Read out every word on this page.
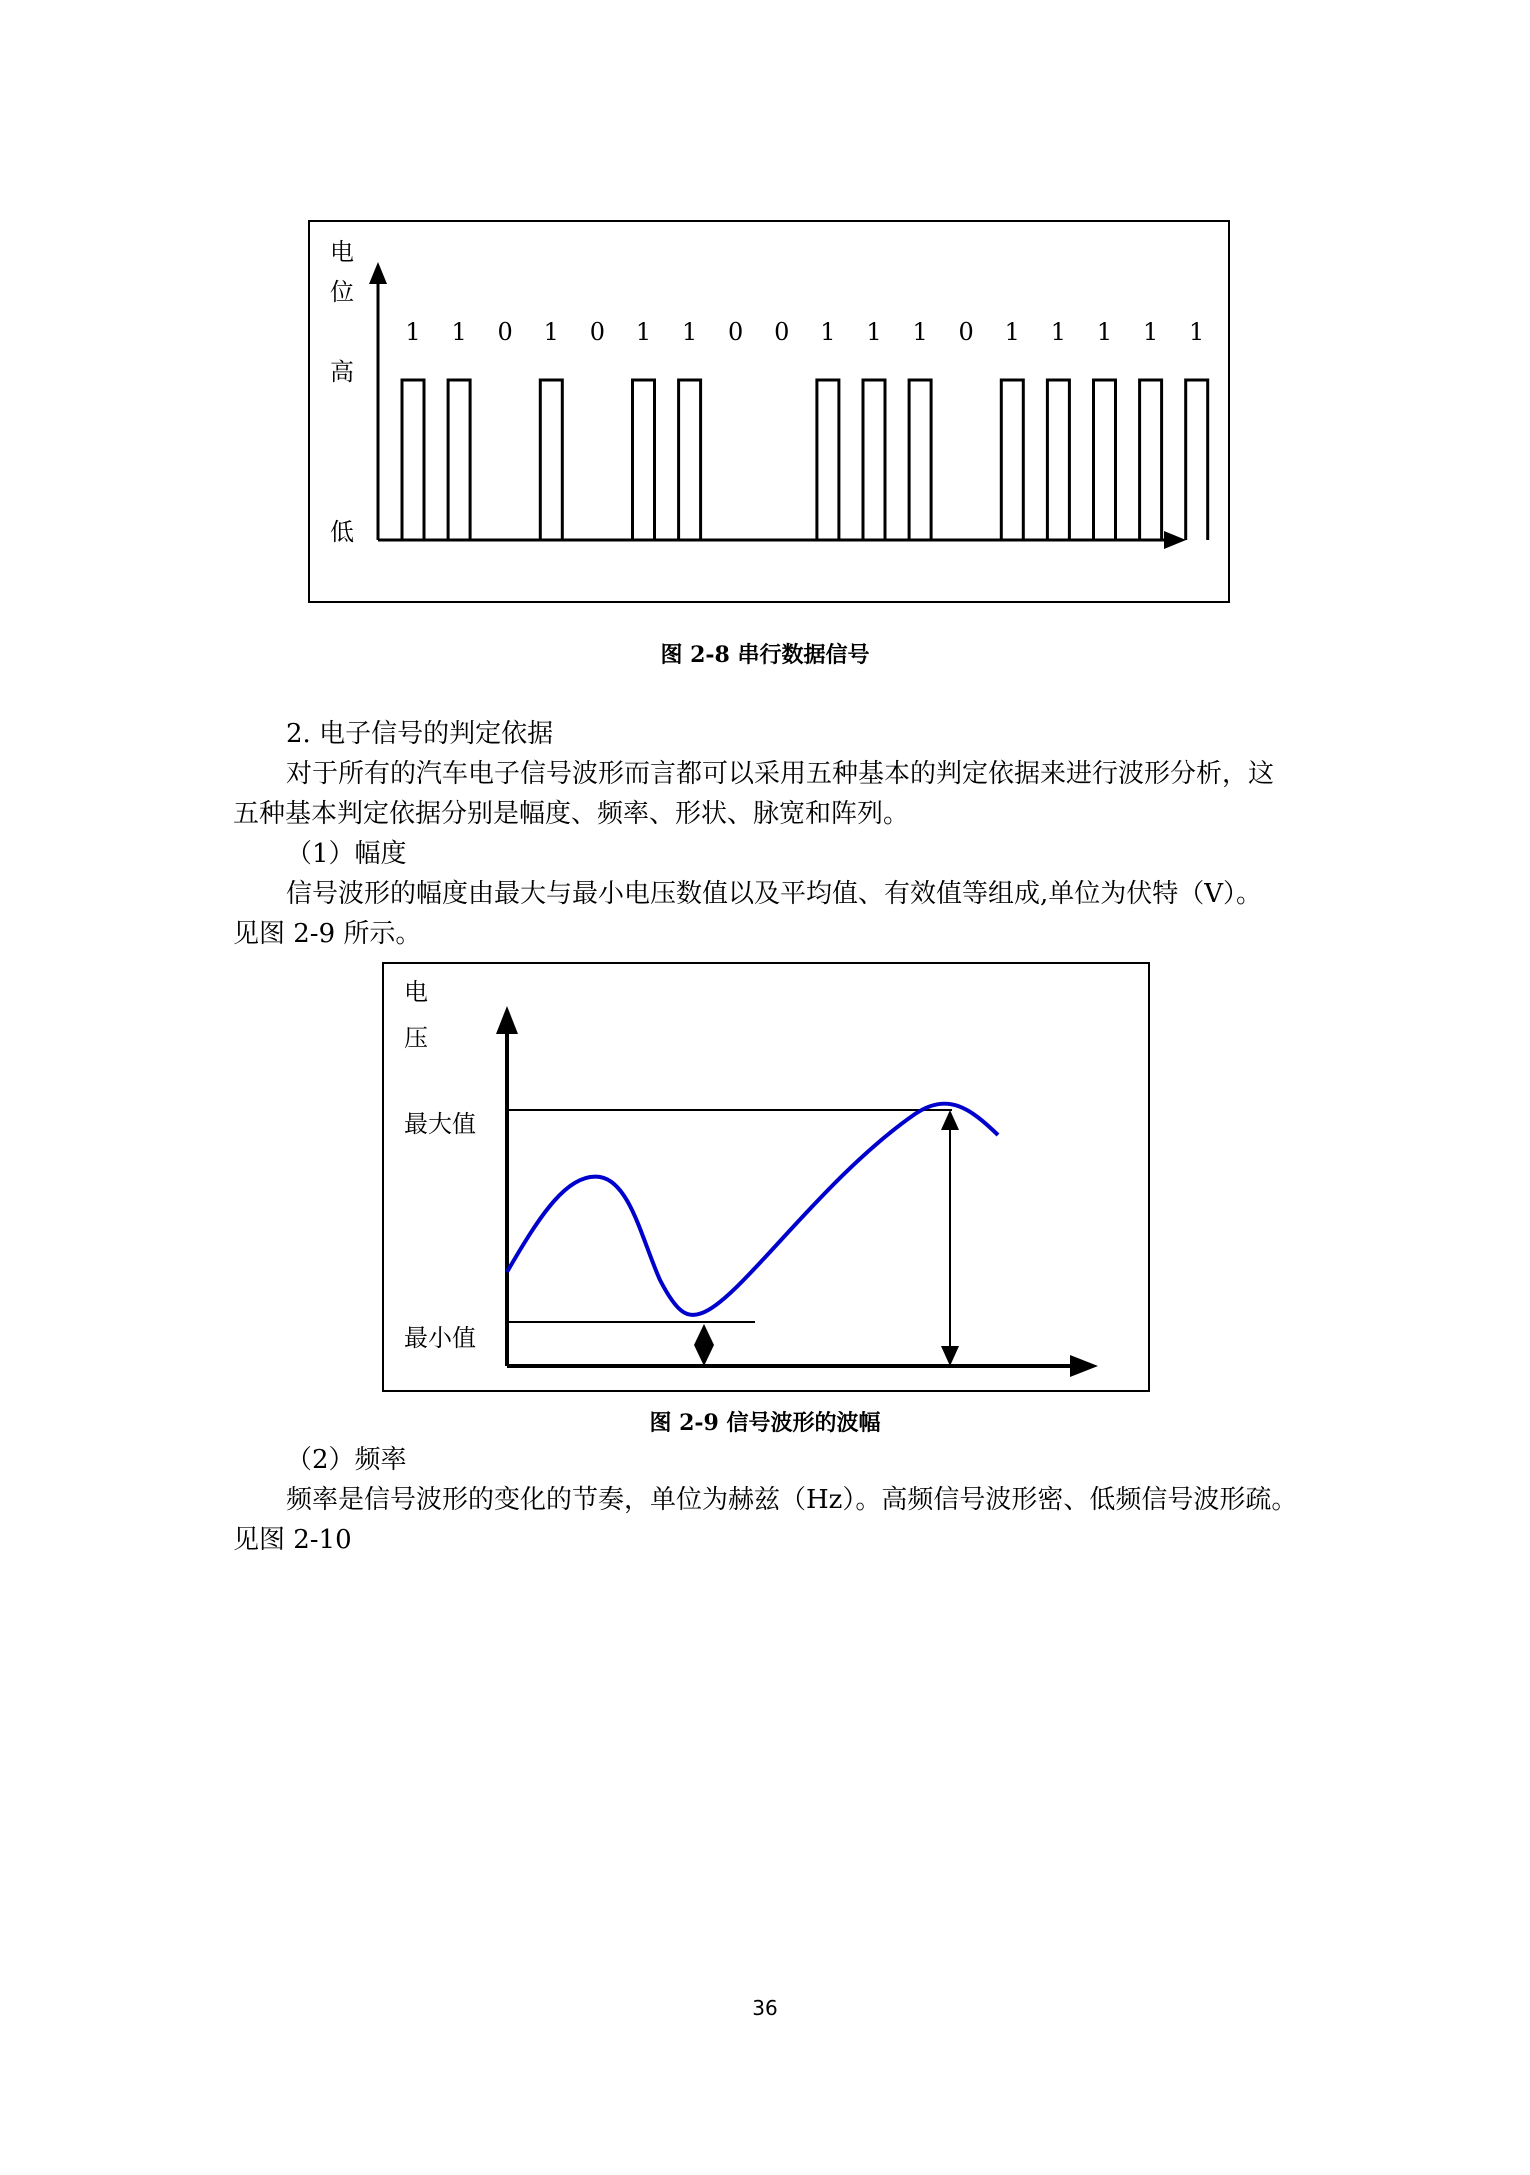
电
位
高
低
1 1 0 1 0 1 1 0 0 1 1 1 0 1 1 1 1 1
图 2-8 串行数据信号
2. 电子信号的判定依据
对于所有的汽车电子信号波形而言都可以采用五种基本的判定依据来进行波形分析，这
五种基本判定依据分别是幅度、频率、形状、脉宽和阵列。
（1）幅度
信号波形的幅度由最大与最小电压数值以及平均值、有效值等组成,单位为伏特（V）。
见图 2-9 所示。
电
压
最大值
最小值
图 2-9 信号波形的波幅
（2）频率
频率是信号波形的变化的节奏，单位为赫兹（Hz）。高频信号波形密、低频信号波形疏。
见图 2-10
36
